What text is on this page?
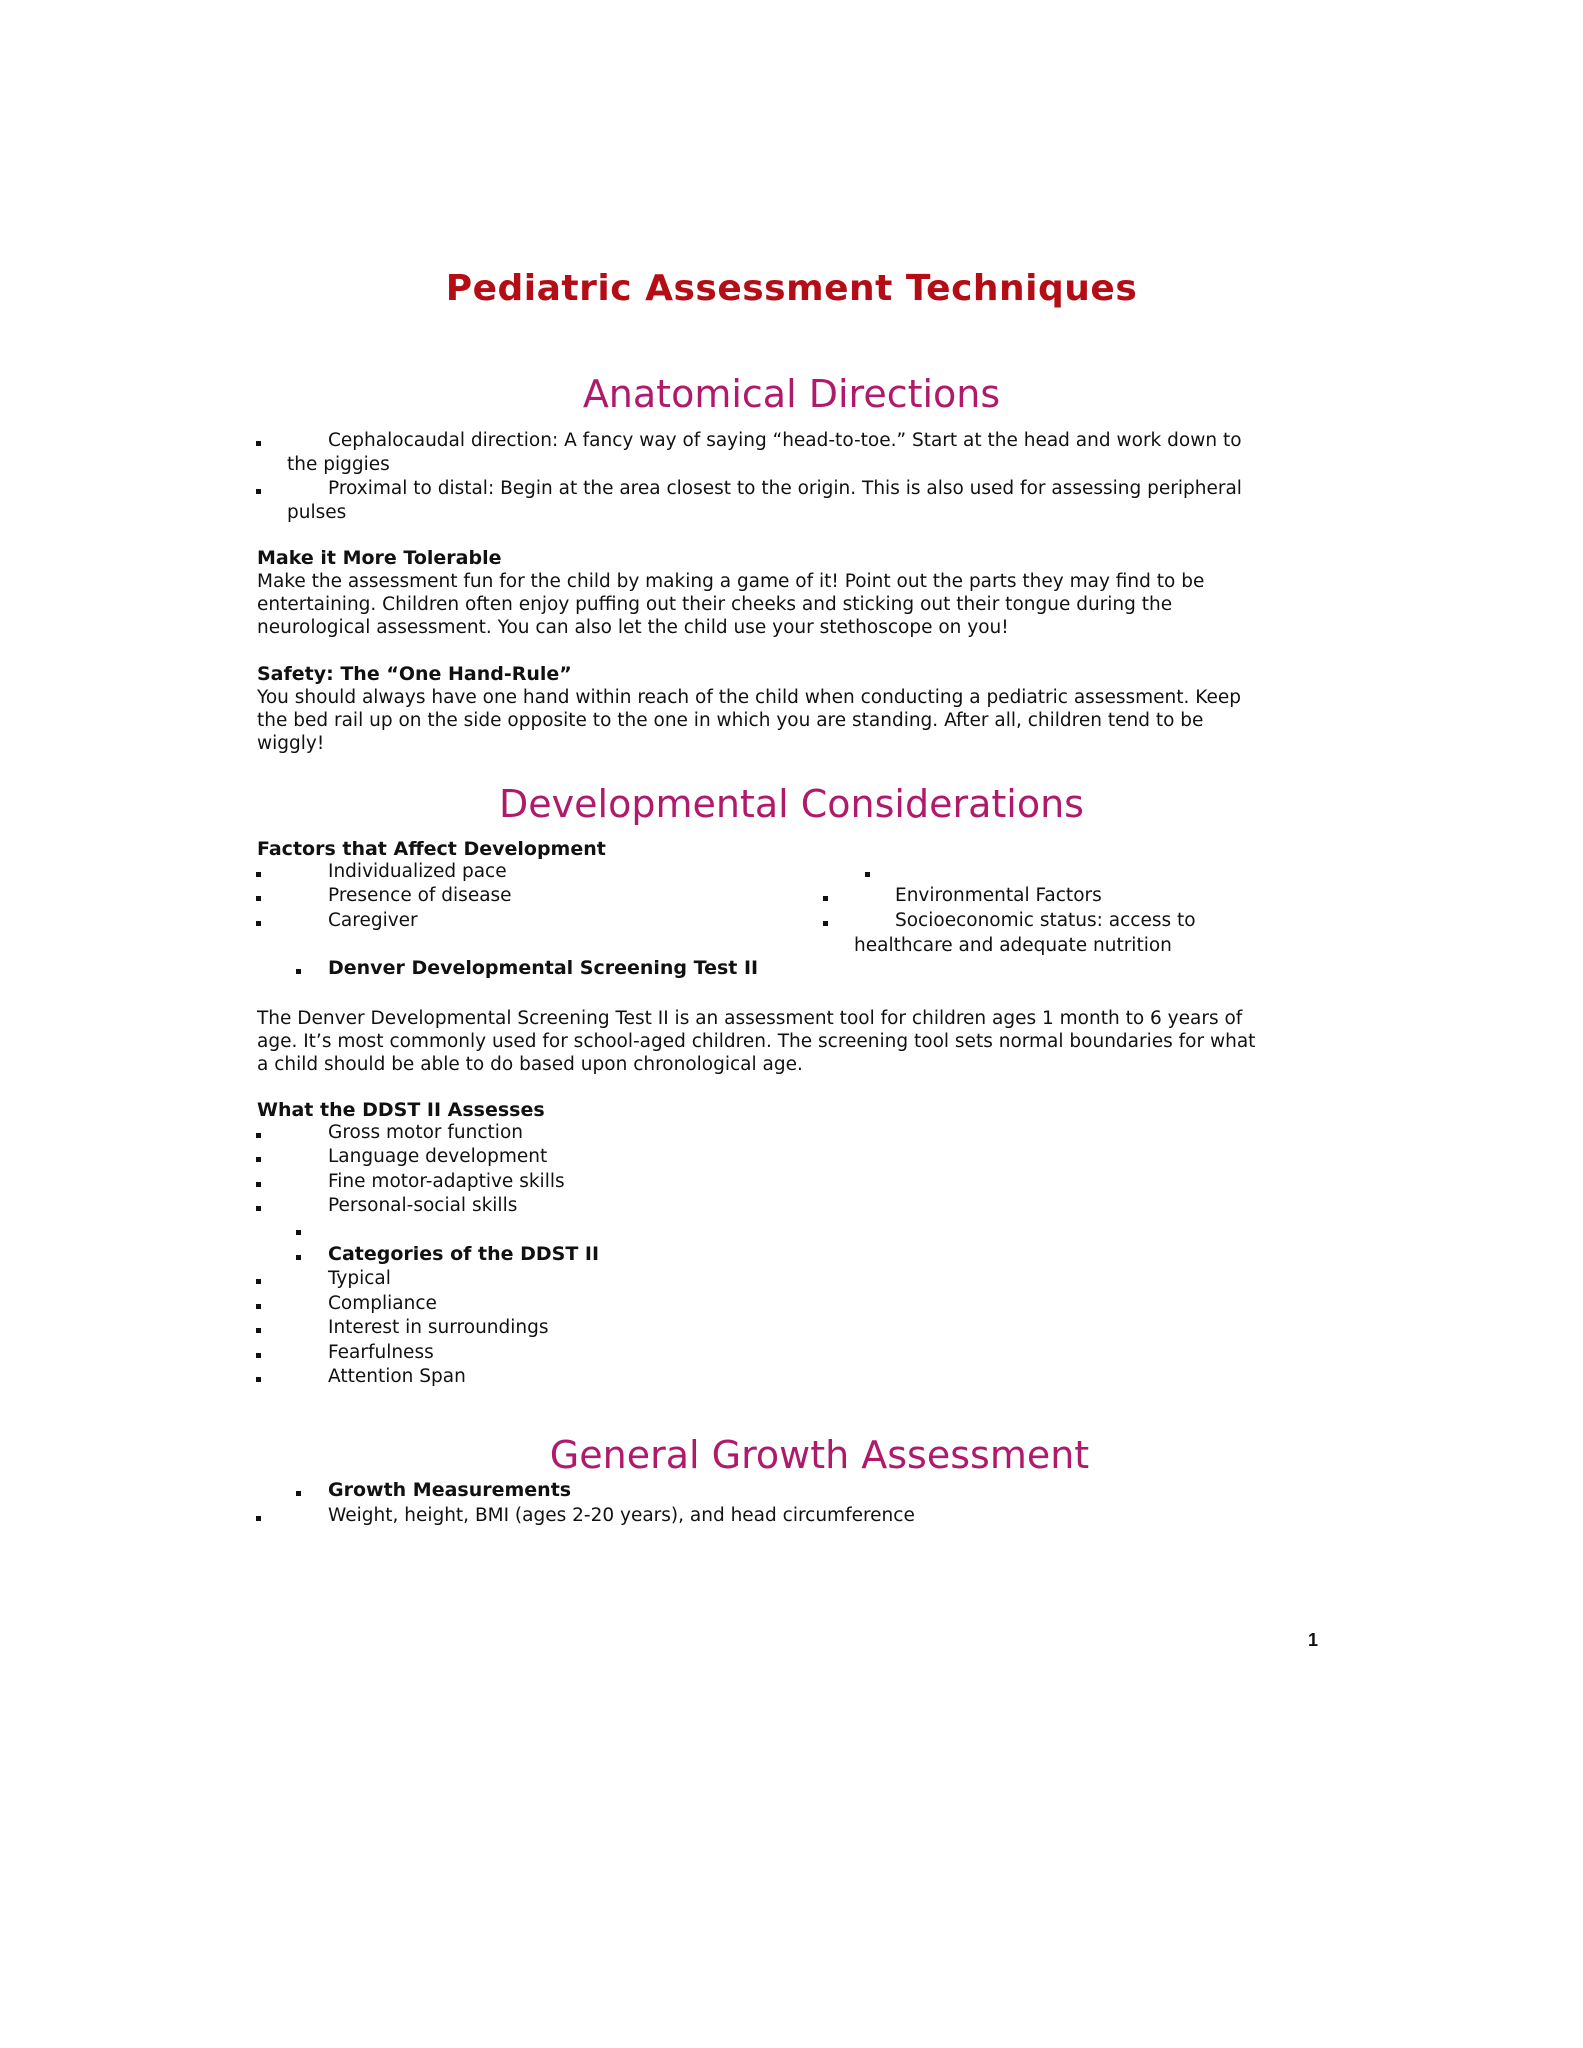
Pediatric Assessment Techniques
Anatomical Directions
Cephalocaudal direction: A fancy way of saying “head-to-toe.” Start at the head and work down to
the piggies
Proximal to distal: Begin at the area closest to the origin. This is also used for assessing peripheral
pulses
Make it More Tolerable
Make the assessment fun for the child by making a game of it! Point out the parts they may find to be
entertaining. Children often enjoy puffing out their cheeks and sticking out their tongue during the
neurological assessment. You can also let the child use your stethoscope on you!
Safety: The “One Hand-Rule”
You should always have one hand within reach of the child when conducting a pediatric assessment. Keep
the bed rail up on the side opposite to the one in which you are standing. After all, children tend to be
wiggly!
Developmental Considerations
Factors that Affect Development
Individualized pace
Presence of disease
Caregiver
Environmental Factors
Socioeconomic status: access to
healthcare and adequate nutrition
Denver Developmental Screening Test II
The Denver Developmental Screening Test II is an assessment tool for children ages 1 month to 6 years of
age. It’s most commonly used for school-aged children. The screening tool sets normal boundaries for what
a child should be able to do based upon chronological age.
What the DDST II Assesses
Gross motor function
Language development
Fine motor-adaptive skills
Personal-social skills
Categories of the DDST II
Typical
Compliance
Interest in surroundings
Fearfulness
Attention Span
General Growth Assessment
Growth Measurements
Weight, height, BMI (ages 2-20 years), and head circumference
1
